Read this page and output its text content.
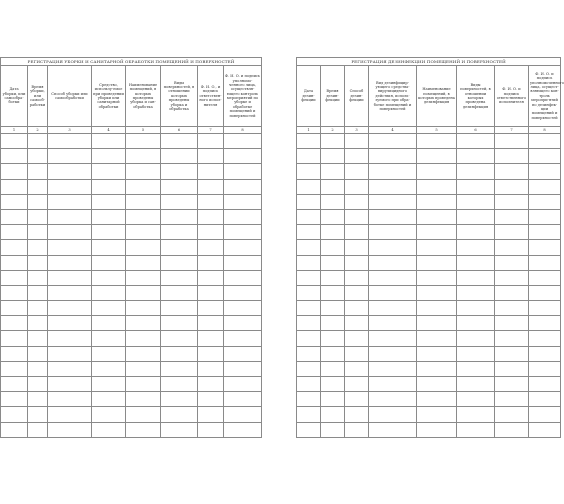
РЕГИСТРАЦИЯ УБОРКИ И САНИТАРНОЙ ОБРАБОТКИ ПОМЕЩЕНИЙ И ПОВЕРХНОСТЕЙ							
Дата уборки, или самообра-ботки	Время уборки, или самооб-работки	Способ уборки или самообработки	Средство, использу-емое при проведении уборки или санитарной обработки	Наименование помещений, в которых проведены уборка и сан-обработка	Виды поверхностей, в отношении которых проведены уборка и обработка	Ф. И. О., и подпись ответствен-ного испол-нителя	Ф. И. О. и подпись уполномо-ченного лица, осуществля-ющего контроль мероприятий по уборке и обработке помещений и поверхностей
1	2	3	4	5	6	7	8

РЕГИСТРАЦИЯ ДЕЗИНФЕКЦИИ ПОМЕЩЕНИЙ И ПОВЕРХНОСТЕЙ							
Дата дезин-фекции	Время дезин-фекции	Способ дезин-фекции	Вид дезинфицир-ующего средства-вирулицидного действия, исполь-зуемого при обра-ботке помещений и поверхностей	Наименование помещений, в которых проведена дезинфекция	Виды поверхностей, в отношении которых проведена дезинфекция	Ф. И. О. и подпись ответственного исполнителя	Ф. И. О. и подпись уполномоченного лица, осущест-вляющего кон-троль меропри-ятий по дезинфек-ции помещений и поверхностей
1	2	3	4	5	6	7	8
